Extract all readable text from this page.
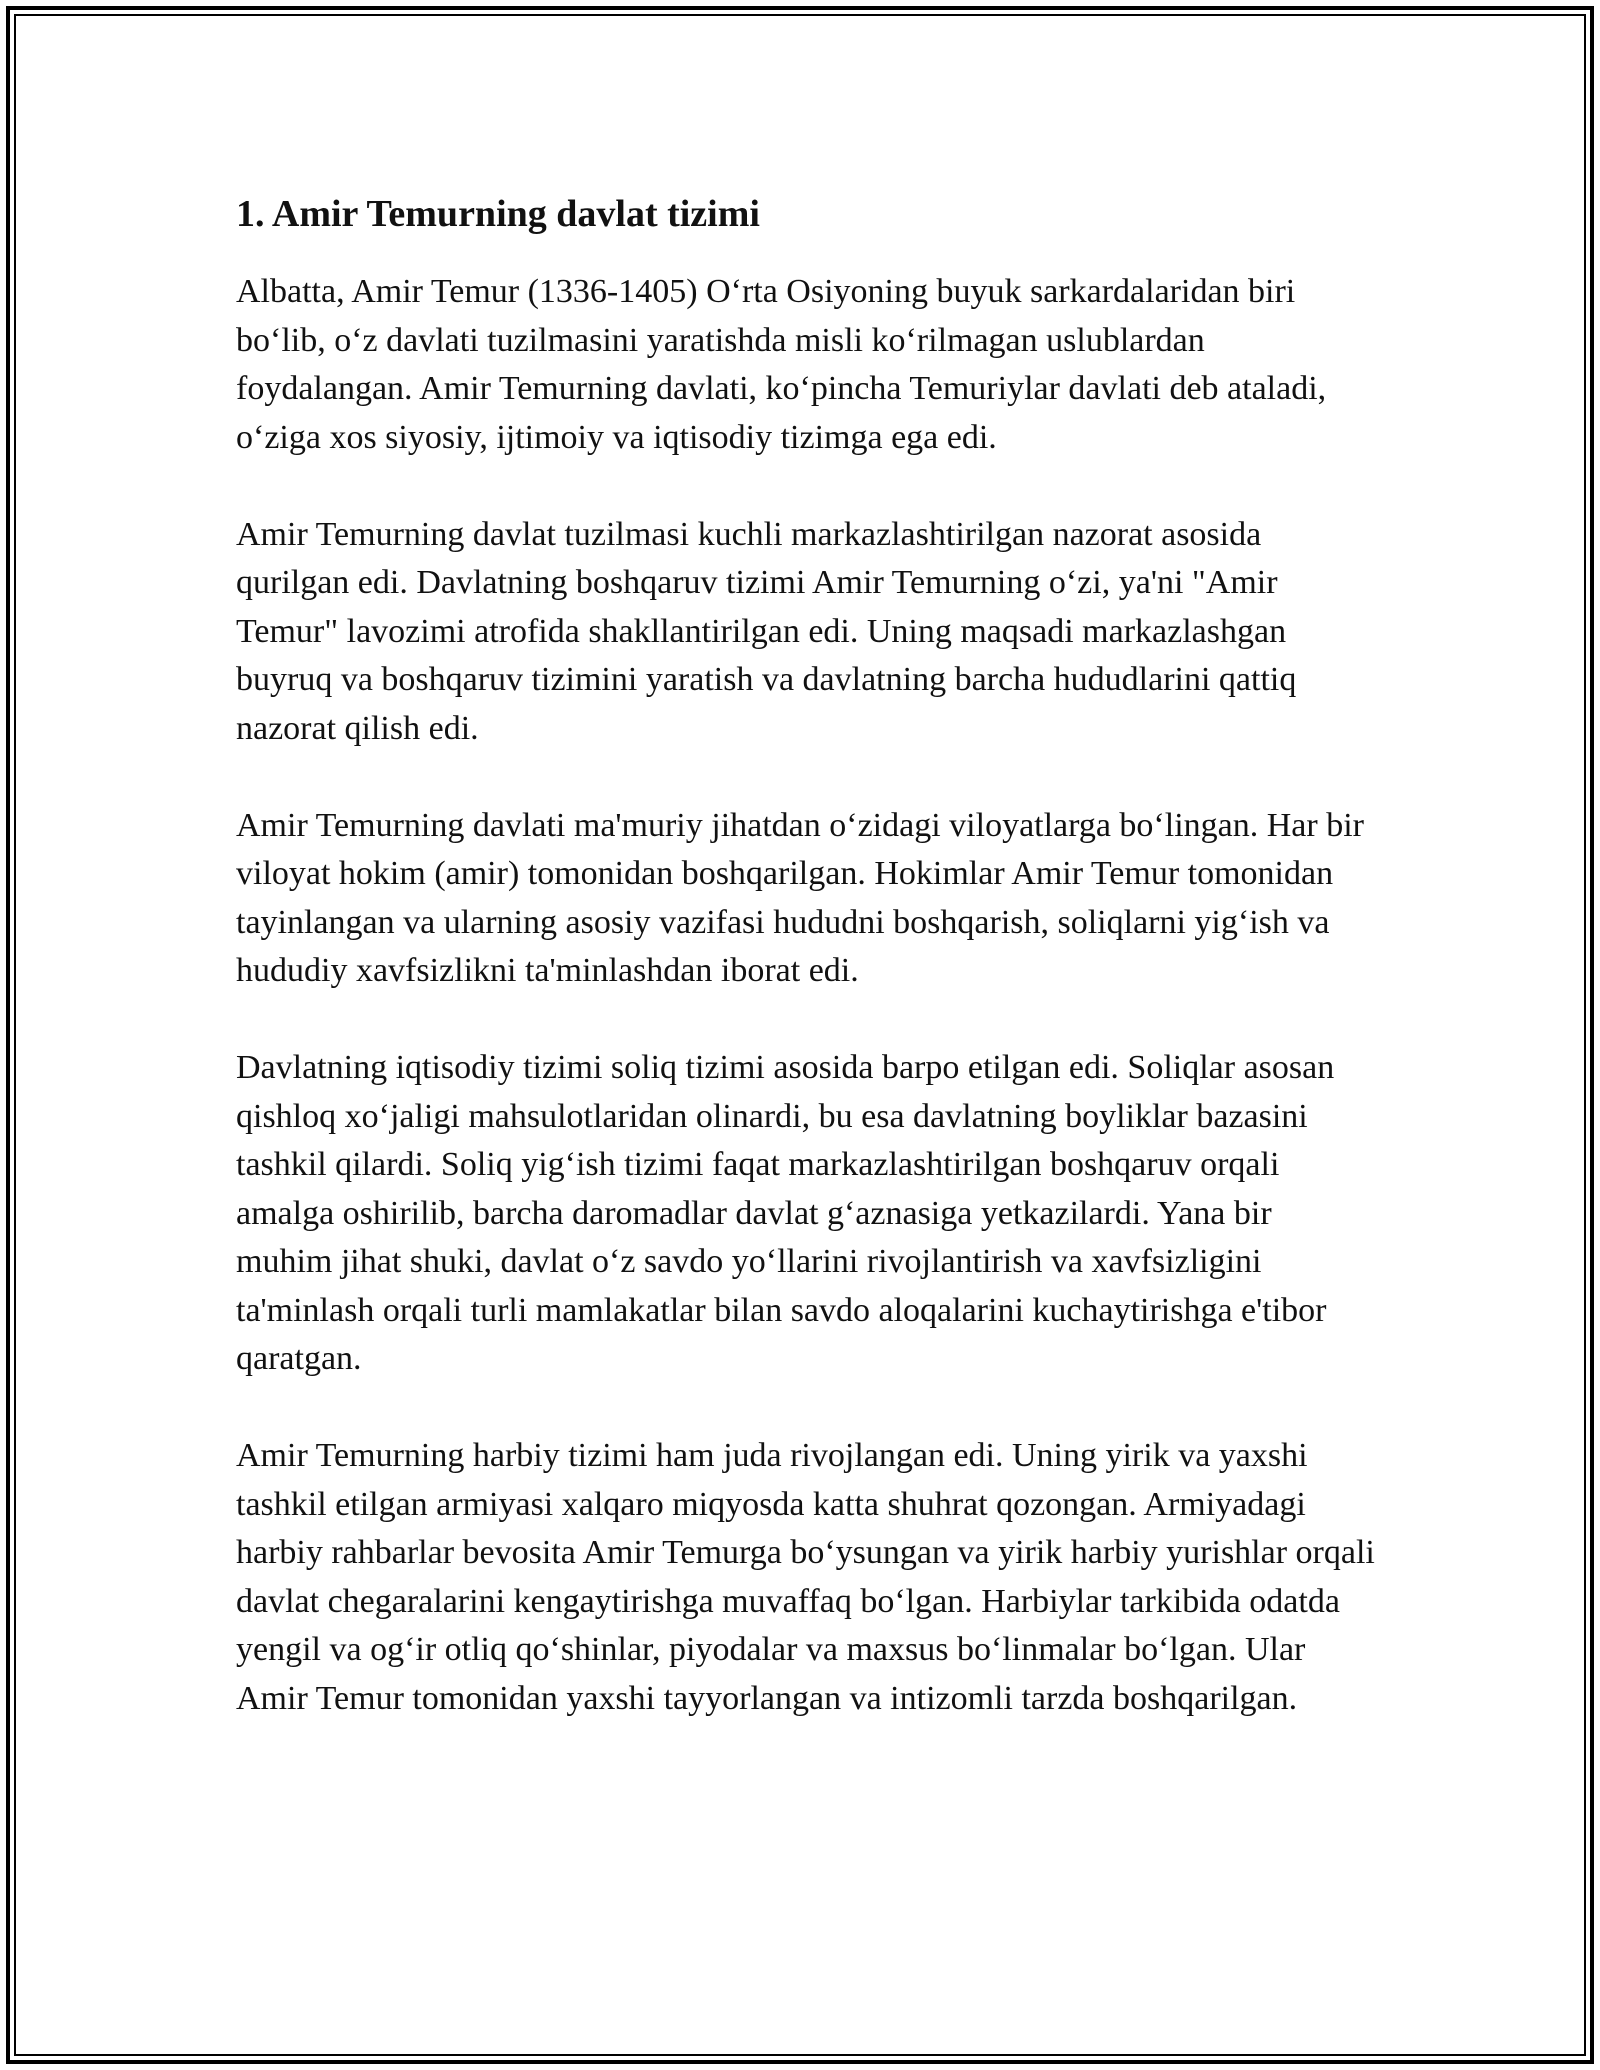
1. Amir Temurning davlat tizimi

Albatta, Amir Temur (1336-1405) O‘rta Osiyoning buyuk sarkardalaridan biri bo‘lib, o‘z davlati tuzilmasini yaratishda misli ko‘rilmagan uslublardan foydalangan. Amir Temurning davlati, ko‘pincha Temuriylar davlati deb ataladi, o‘ziga xos siyosiy, ijtimoiy va iqtisodiy tizimga ega edi.

Amir Temurning davlat tuzilmasi kuchli markazlashtirilgan nazorat asosida qurilgan edi. Davlatning boshqaruv tizimi Amir Temurning o‘zi, ya'ni "Amir Temur" lavozimi atrofida shakllantirilgan edi. Uning maqsadi markazlashgan buyruq va boshqaruv tizimini yaratish va davlatning barcha hududlarini qattiq nazorat qilish edi.

Amir Temurning davlati ma'muriy jihatdan o‘zidagi viloyatlarga bo‘lingan. Har bir viloyat hokim (amir) tomonidan boshqarilgan. Hokimlar Amir Temur tomonidan tayinlangan va ularning asosiy vazifasi hududni boshqarish, soliqlarni yig‘ish va hududiy xavfsizlikni ta'minlashdan iborat edi.

Davlatning iqtisodiy tizimi soliq tizimi asosida barpo etilgan edi. Soliqlar asosan qishloq xo‘jaligi mahsulotlaridan olinardi, bu esa davlatning boyliklar bazasini tashkil qilardi. Soliq yig‘ish tizimi faqat markazlashtirilgan boshqaruv orqali amalga oshirilib, barcha daromadlar davlat g‘aznasiga yetkazilardi. Yana bir muhim jihat shuki, davlat o‘z savdo yo‘llarini rivojlantirish va xavfsizligini ta'minlash orqali turli mamlakatlar bilan savdo aloqalarini kuchaytirishga e'tibor qaratgan.

Amir Temurning harbiy tizimi ham juda rivojlangan edi. Uning yirik va yaxshi tashkil etilgan armiyasi xalqaro miqyosda katta shuhrat qozongan. Armiyadagi harbiy rahbarlar bevosita Amir Temurga bo‘ysungan va yirik harbiy yurishlar orqali davlat chegaralarini kengaytirishga muvaffaq bo‘lgan. Harbiylar tarkibida odatda yengil va og‘ir otliq qo‘shinlar, piyodalar va maxsus bo‘linmalar bo‘lgan. Ular Amir Temur tomonidan yaxshi tayyorlangan va intizomli tarzda boshqarilgan.
